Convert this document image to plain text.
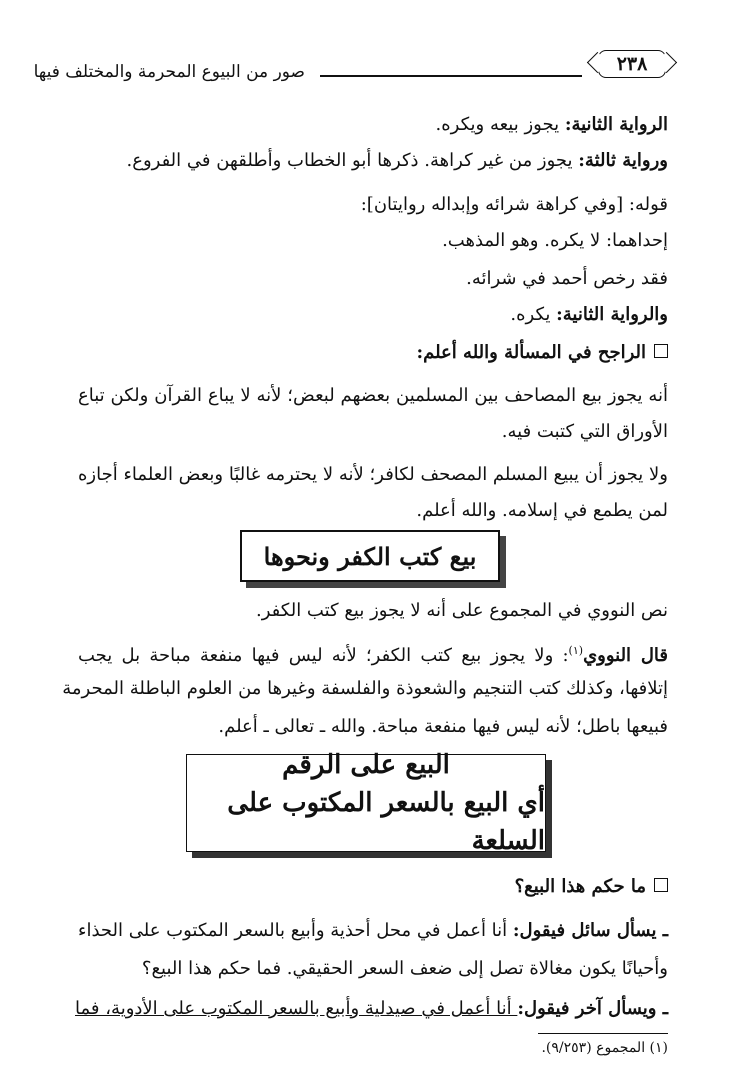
٢٣٨
صور من البيوع المحرمة والمختلف فيها
الرواية الثانية: يجوز بيعه ويكره.
ورواية ثالثة: يجوز من غير كراهة. ذكرها أبو الخطاب وأطلقهن في الفروع.
قوله: [وفي كراهة شرائه وإبداله روايتان]:
إحداهما: لا يكره. وهو المذهب.
فقد رخص أحمد في شرائه.
والرواية الثانية: يكره.
الراجح في المسألة والله أعلم:
أنه يجوز بيع المصاحف بين المسلمين بعضهم لبعض؛ لأنه لا يباع القرآن ولكن تباع
الأوراق التي كتبت فيه.
ولا يجوز أن يبيع المسلم المصحف لكافر؛ لأنه لا يحترمه غالبًا وبعض العلماء أجازه
لمن يطمع في إسلامه. والله أعلم.
بيع كتب الكفر ونحوها
نص النووي في المجموع على أنه لا يجوز بيع كتب الكفر.
قال النووي$^{(١)}$: ولا يجوز بيع كتب الكفر؛ لأنه ليس فيها منفعة مباحة بل يجب
إتلافها، وكذلك كتب التنجيم والشعوذة والفلسفة وغيرها من العلوم الباطلة المحرمة
فبيعها باطل؛ لأنه ليس فيها منفعة مباحة. والله ـ تعالى ـ أعلم.
البيع على الرقم
أي البيع بالسعر المكتوب على السلعة
ما حكم هذا البيع؟
ـ يسأل سائل فيقول: أنا أعمل في محل أحذية وأبيع بالسعر المكتوب على الحذاء
وأحيانًا يكون مغالاة تصل إلى ضعف السعر الحقيقي. فما حكم هذا البيع؟
ـ ويسأل آخر فيقول: أنا أعمل في صيدلية وأبيع بالسعر المكتوب على الأدوية، فما
(١) المجموع (٩/٢٥٣).
